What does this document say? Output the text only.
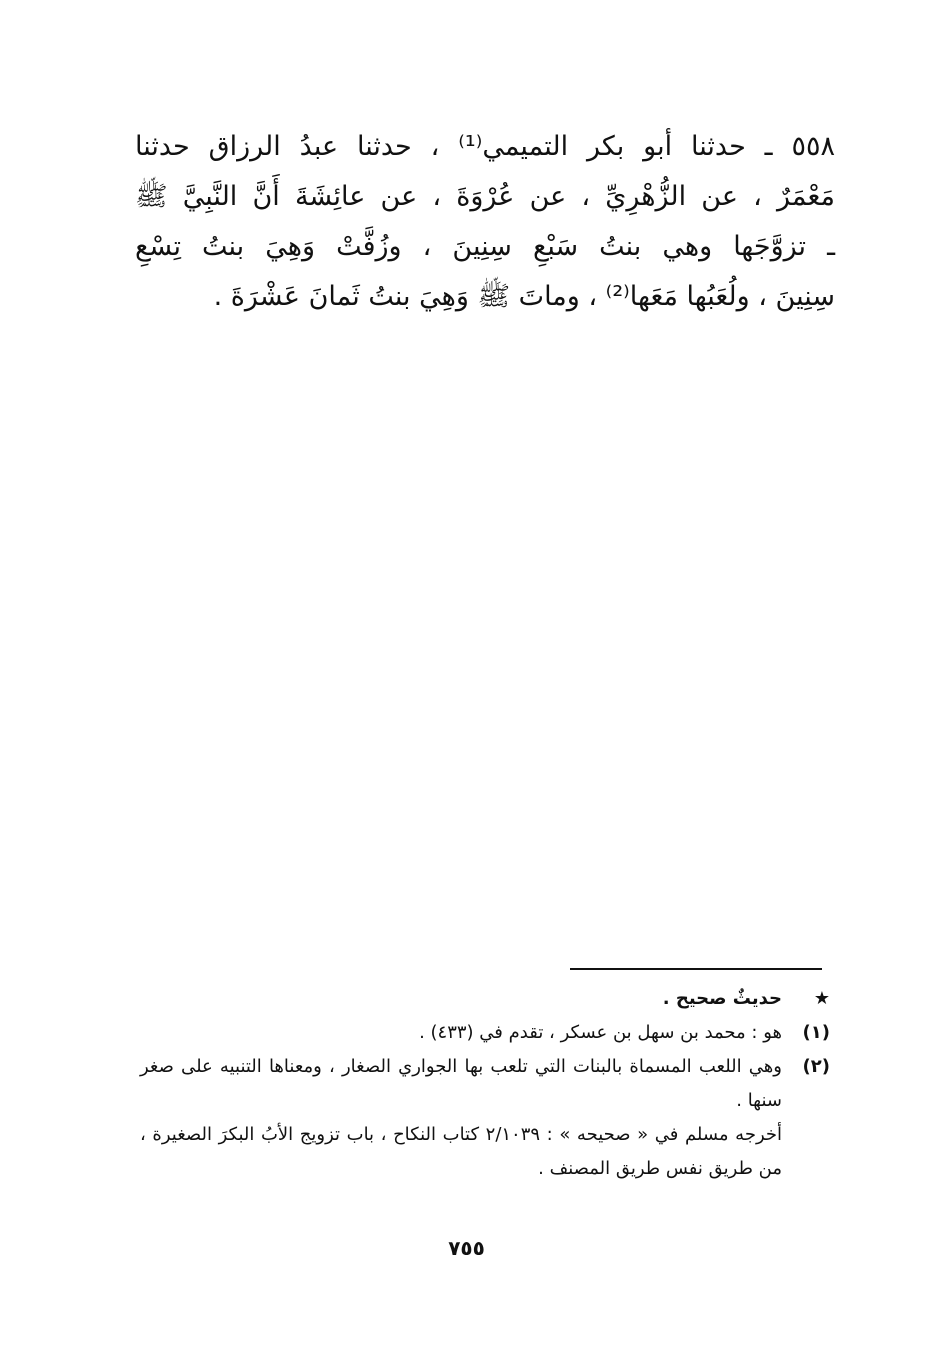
٥٥٨ ـ حدثنا أبو بكر التميمي⁽¹⁾ ، حدثنا عبدُ الرزاق حدثنا
مَعْمَرٌ ، عن الزُّهْرِيِّ ، عن عُرْوَةَ ، عن عائِشَةَ أَنَّ النَّبِيَّ ﷺ
ـ تزوَّجَها وهي بنتُ سَبْعِ سِنِينَ ، وزُفَّتْ وَهِيَ بنتُ تِسْعِ
سِنِينَ ، ولُعَبُها مَعَها⁽²⁾ ، وماتَ ﷺ وَهِيَ بنتُ ثَمانَ عَشْرَةَ .
★
حديثٌ صحيح .
(١)
هو : محمد بن سهل بن عسكر ، تقدم في (٤٣٣) .
(٢)
وهي اللعب المسماة بالبنات التي تلعب بها الجواري الصغار ، ومعناها التنبيه على صغر سنها .
أخرجه مسلم في « صحيحه » : ٢/١٠٣٩ كتاب النكاح ، باب تزويج الأبُ البكرَ الصغيرة ، من طريق نفس طريق المصنف .
٧٥٥
